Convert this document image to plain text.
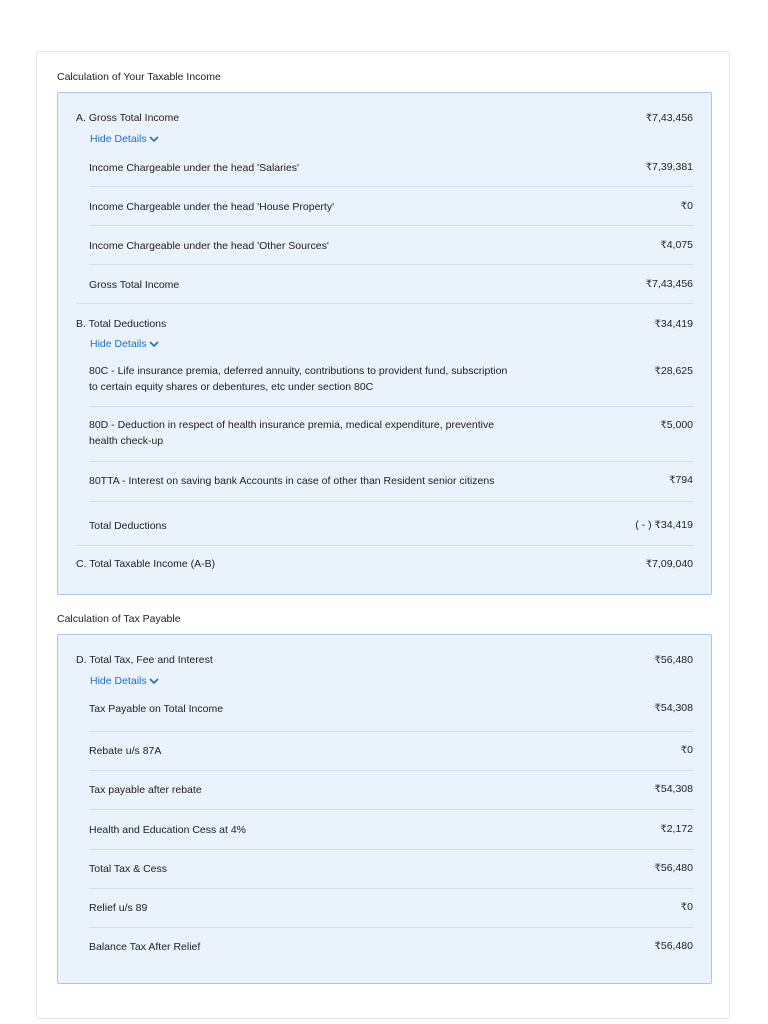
Calculation of Your Taxable Income
A. Gross Total Income	₹7,43,456
Hide Details
Income Chargeable under the head 'Salaries'	₹7,39,381
Income Chargeable under the head 'House Property'	₹0
Income Chargeable under the head 'Other Sources'	₹4,075
Gross Total Income	₹7,43,456
B. Total Deductions	₹34,419
Hide Details
80C - Life insurance premia, deferred annuity, contributions to provident fund, subscription to certain equity shares or debentures, etc under section 80C
₹28,625
80D - Deduction in respect of health insurance premia, medical expenditure, preventive health check-up
₹5,000
80TTA - Interest on saving bank Accounts in case of other than Resident senior citizens	₹794
Total Deductions	( - ) ₹34,419
C. Total Taxable Income (A-B)	₹7,09,040
Calculation of Tax Payable
D. Total Tax, Fee and Interest	₹56,480
Hide Details
Tax Payable on Total Income	₹54,308
Rebate u/s 87A	₹0
Tax payable after rebate	₹54,308
Health and Education Cess at 4%	₹2,172
Total Tax & Cess	₹56,480
Relief u/s 89	₹0
Balance Tax After Relief	₹56,480
